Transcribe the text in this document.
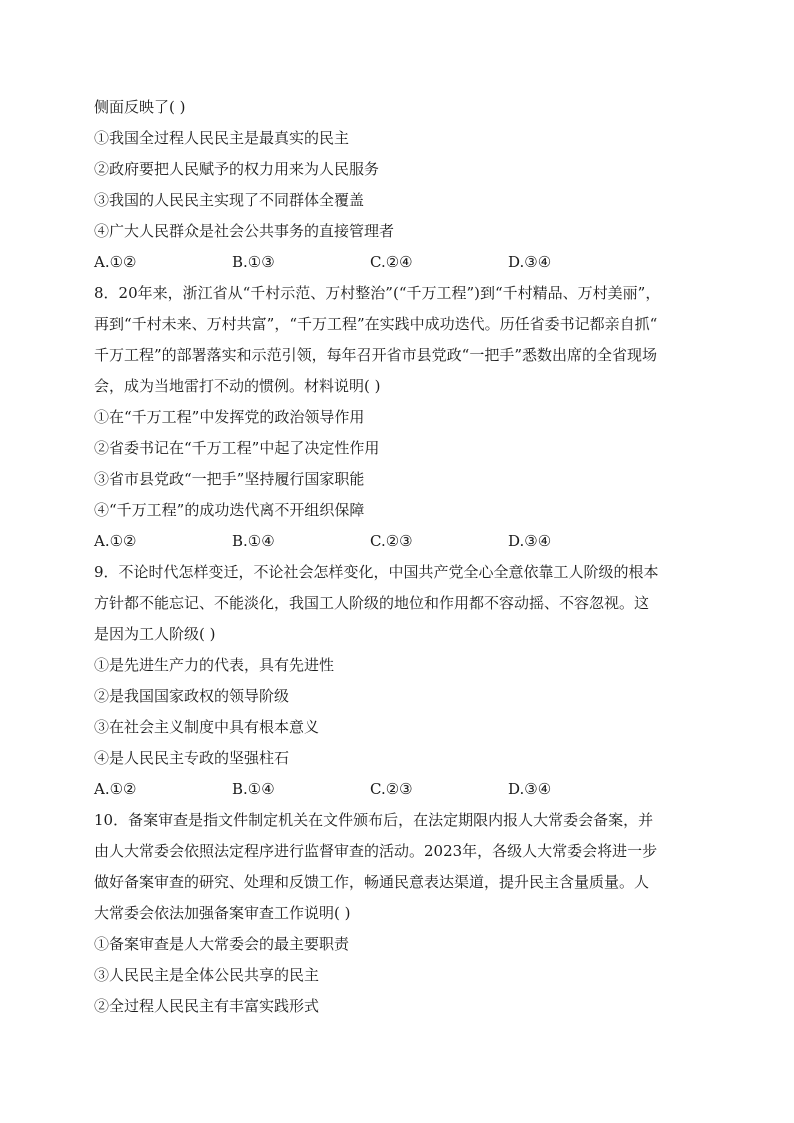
侧面反映了( )
①我国全过程人民民主是最真实的民主
②政府要把人民赋予的权力用来为人民服务
③我国的人民民主实现了不同群体全覆盖
④广大人民群众是社会公共事务的直接管理者
A.①②	B.①③	C.②④	D.③④
8．20年来，浙江省从“千村示范、万村整治”(“千万工程”)到“千村精品、万村美丽”，
再到“千村未来、万村共富”，“千万工程”在实践中成功迭代。历任省委书记都亲自抓“
千万工程”的部署落实和示范引领，每年召开省市县党政“一把手”悉数出席的全省现场
会，成为当地雷打不动的惯例。材料说明( )
①在“千万工程”中发挥党的政治领导作用
②省委书记在“千万工程”中起了决定性作用
③省市县党政“一把手”坚持履行国家职能
④“千万工程”的成功迭代离不开组织保障
A.①②	B.①④	C.②③	D.③④
9．不论时代怎样变迁，不论社会怎样变化，中国共产党全心全意依靠工人阶级的根本
方针都不能忘记、不能淡化，我国工人阶级的地位和作用都不容动摇、不容忽视。这
是因为工人阶级( )
①是先进生产力的代表，具有先进性
②是我国国家政权的领导阶级
③在社会主义制度中具有根本意义
④是人民民主专政的坚强柱石
A.①②	B.①④	C.②③	D.③④
10．备案审查是指文件制定机关在文件颁布后，在法定期限内报人大常委会备案，并
由人大常委会依照法定程序进行监督审查的活动。2023年，各级人大常委会将进一步
做好备案审查的研究、处理和反馈工作，畅通民意表达渠道，提升民主含量质量。人
大常委会依法加强备案审查工作说明( )
①备案审查是人大常委会的最主要职责
③人民民主是全体公民共享的民主
②全过程人民民主有丰富实践形式
